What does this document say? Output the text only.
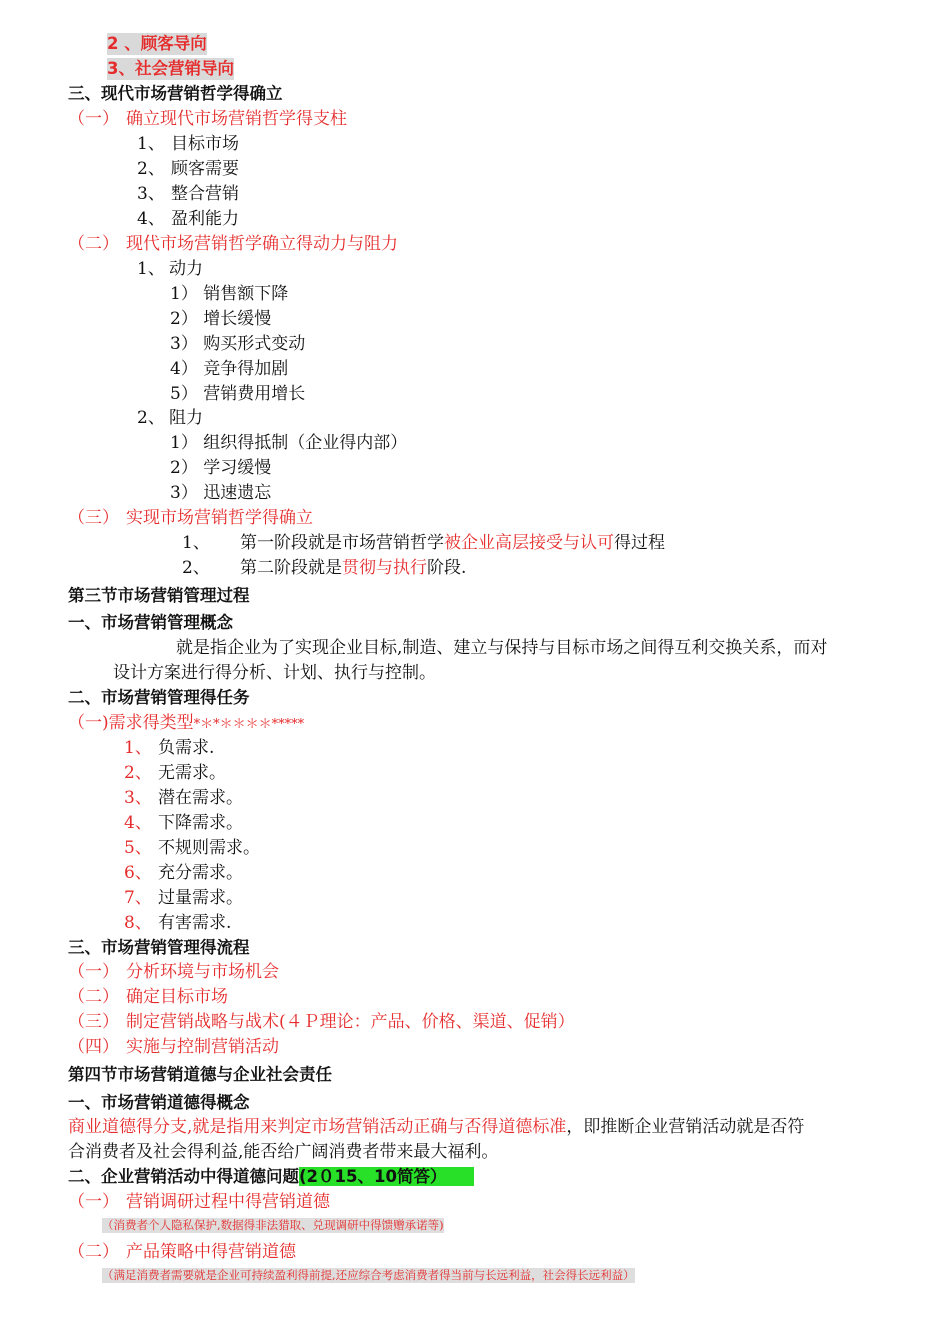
2 、顾客导向
3、社会营销导向
三、现代市场营销哲学得确立
（一） 确立现代市场营销哲学得支柱
1、 目标市场
2、 顾客需要
3、 整合营销
4、 盈利能力
（二） 现代市场营销哲学确立得动力与阻力
1、 动力
1） 销售额下降
2） 增长缓慢
3） 购买形式变动
4） 竞争得加剧
5） 营销费用增长
2、 阻力
1） 组织得抵制（企业得内部）
2） 学习缓慢
3） 迅速遗忘
（三） 实现市场营销哲学得确立
1、 第一阶段就是市场营销哲学被企业高层接受与认可得过程
2、 第二阶段就是贯彻与执行阶段.
第三节市场营销管理过程
一、市场营销管理概念
就是指企业为了实现企业目标,制造、建立与保持与目标市场之间得互利交换关系，而对
设计方案进行得分析、计划、执行与控制。
二、市场营销管理得任务
（一)需求得类型*＊*＊＊＊＊*****
1、 负需求.
2、 无需求。
3、 潜在需求。
4、 下降需求。
5、 不规则需求。
6、 充分需求。
7、 过量需求。
8、 有害需求.
三、市场营销管理得流程
（一） 分析环境与市场机会
（二） 确定目标市场
（三） 制定营销战略与战术(４Ｐ理论：产品、价格、渠道、促销）
（四） 实施与控制营销活动
第四节市场营销道德与企业社会责任
一、市场营销道德得概念
商业道德得分支,就是指用来判定市场营销活动正确与否得道德标准，即推断企业营销活动就是否符
合消费者及社会得利益,能否给广阔消费者带来最大福利。
二、企业营销活动中得道德问题(2０15、10简答）
（一） 营销调研过程中得营销道德
（消费者个人隐私保护,数据得非法猎取、兑现调研中得馈赠承诺等)
（二） 产品策略中得营销道德
（满足消费者需要就是企业可持续盈利得前提,还应综合考虑消费者得当前与长远利益，社会得长远利益）
